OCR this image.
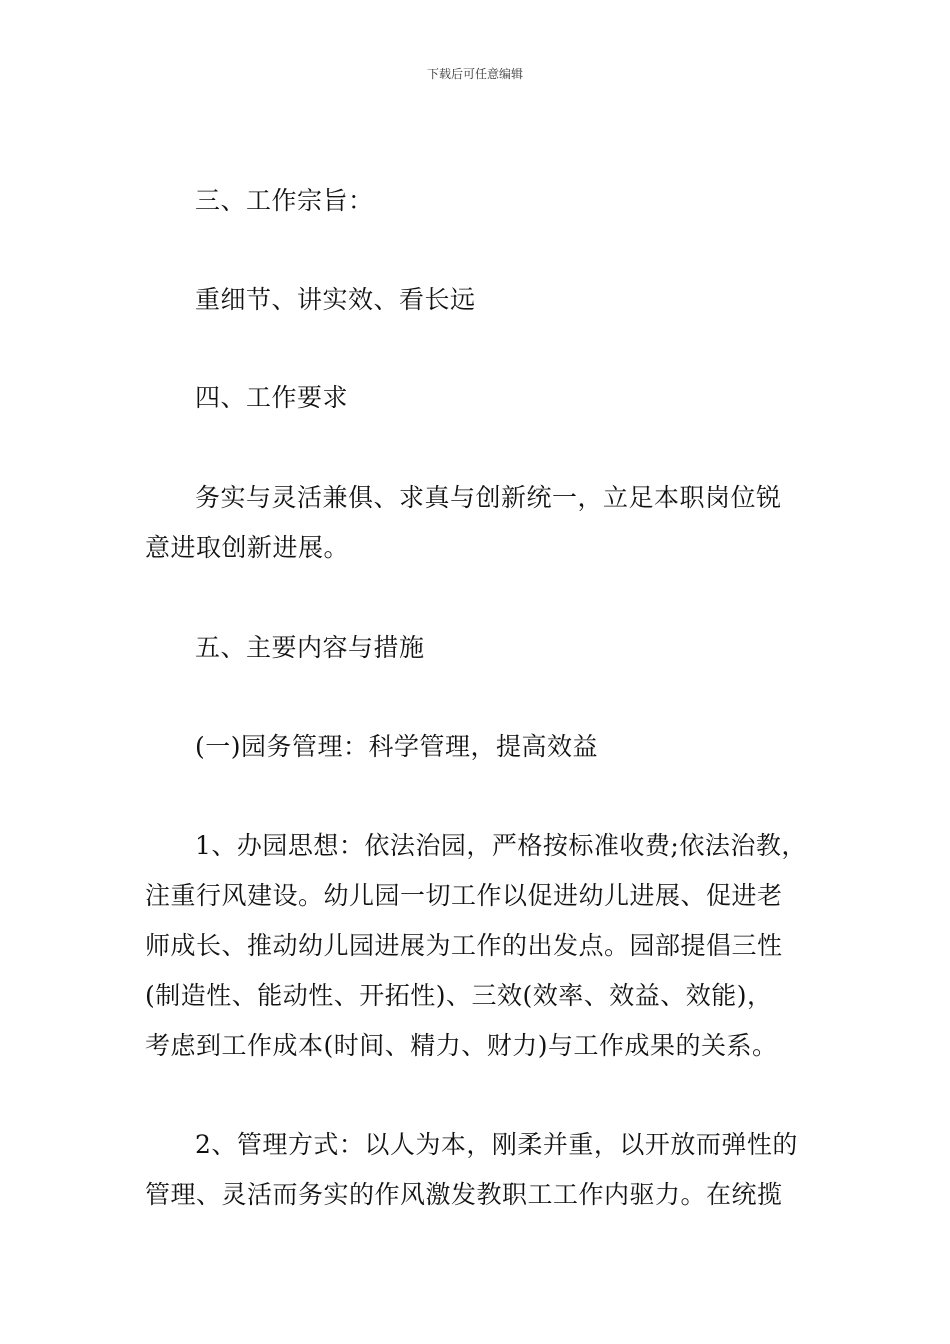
下载后可任意编辑
三、工作宗旨：
重细节、讲实效、看长远
四、工作要求
务实与灵活兼俱、求真与创新统一，立足本职岗位锐
意进取创新进展。
五、主要内容与措施
(一)园务管理：科学管理，提高效益
1、办园思想：依法治园，严格按标准收费;依法治教，
注重行风建设。幼儿园一切工作以促进幼儿进展、促进老
师成长、推动幼儿园进展为工作的出发点。园部提倡三性
(制造性、能动性、开拓性)、三效(效率、效益、效能)，
考虑到工作成本(时间、精力、财力)与工作成果的关系。
2、管理方式：以人为本，刚柔并重，以开放而弹性的
管理、灵活而务实的作风激发教职工工作内驱力。在统揽
